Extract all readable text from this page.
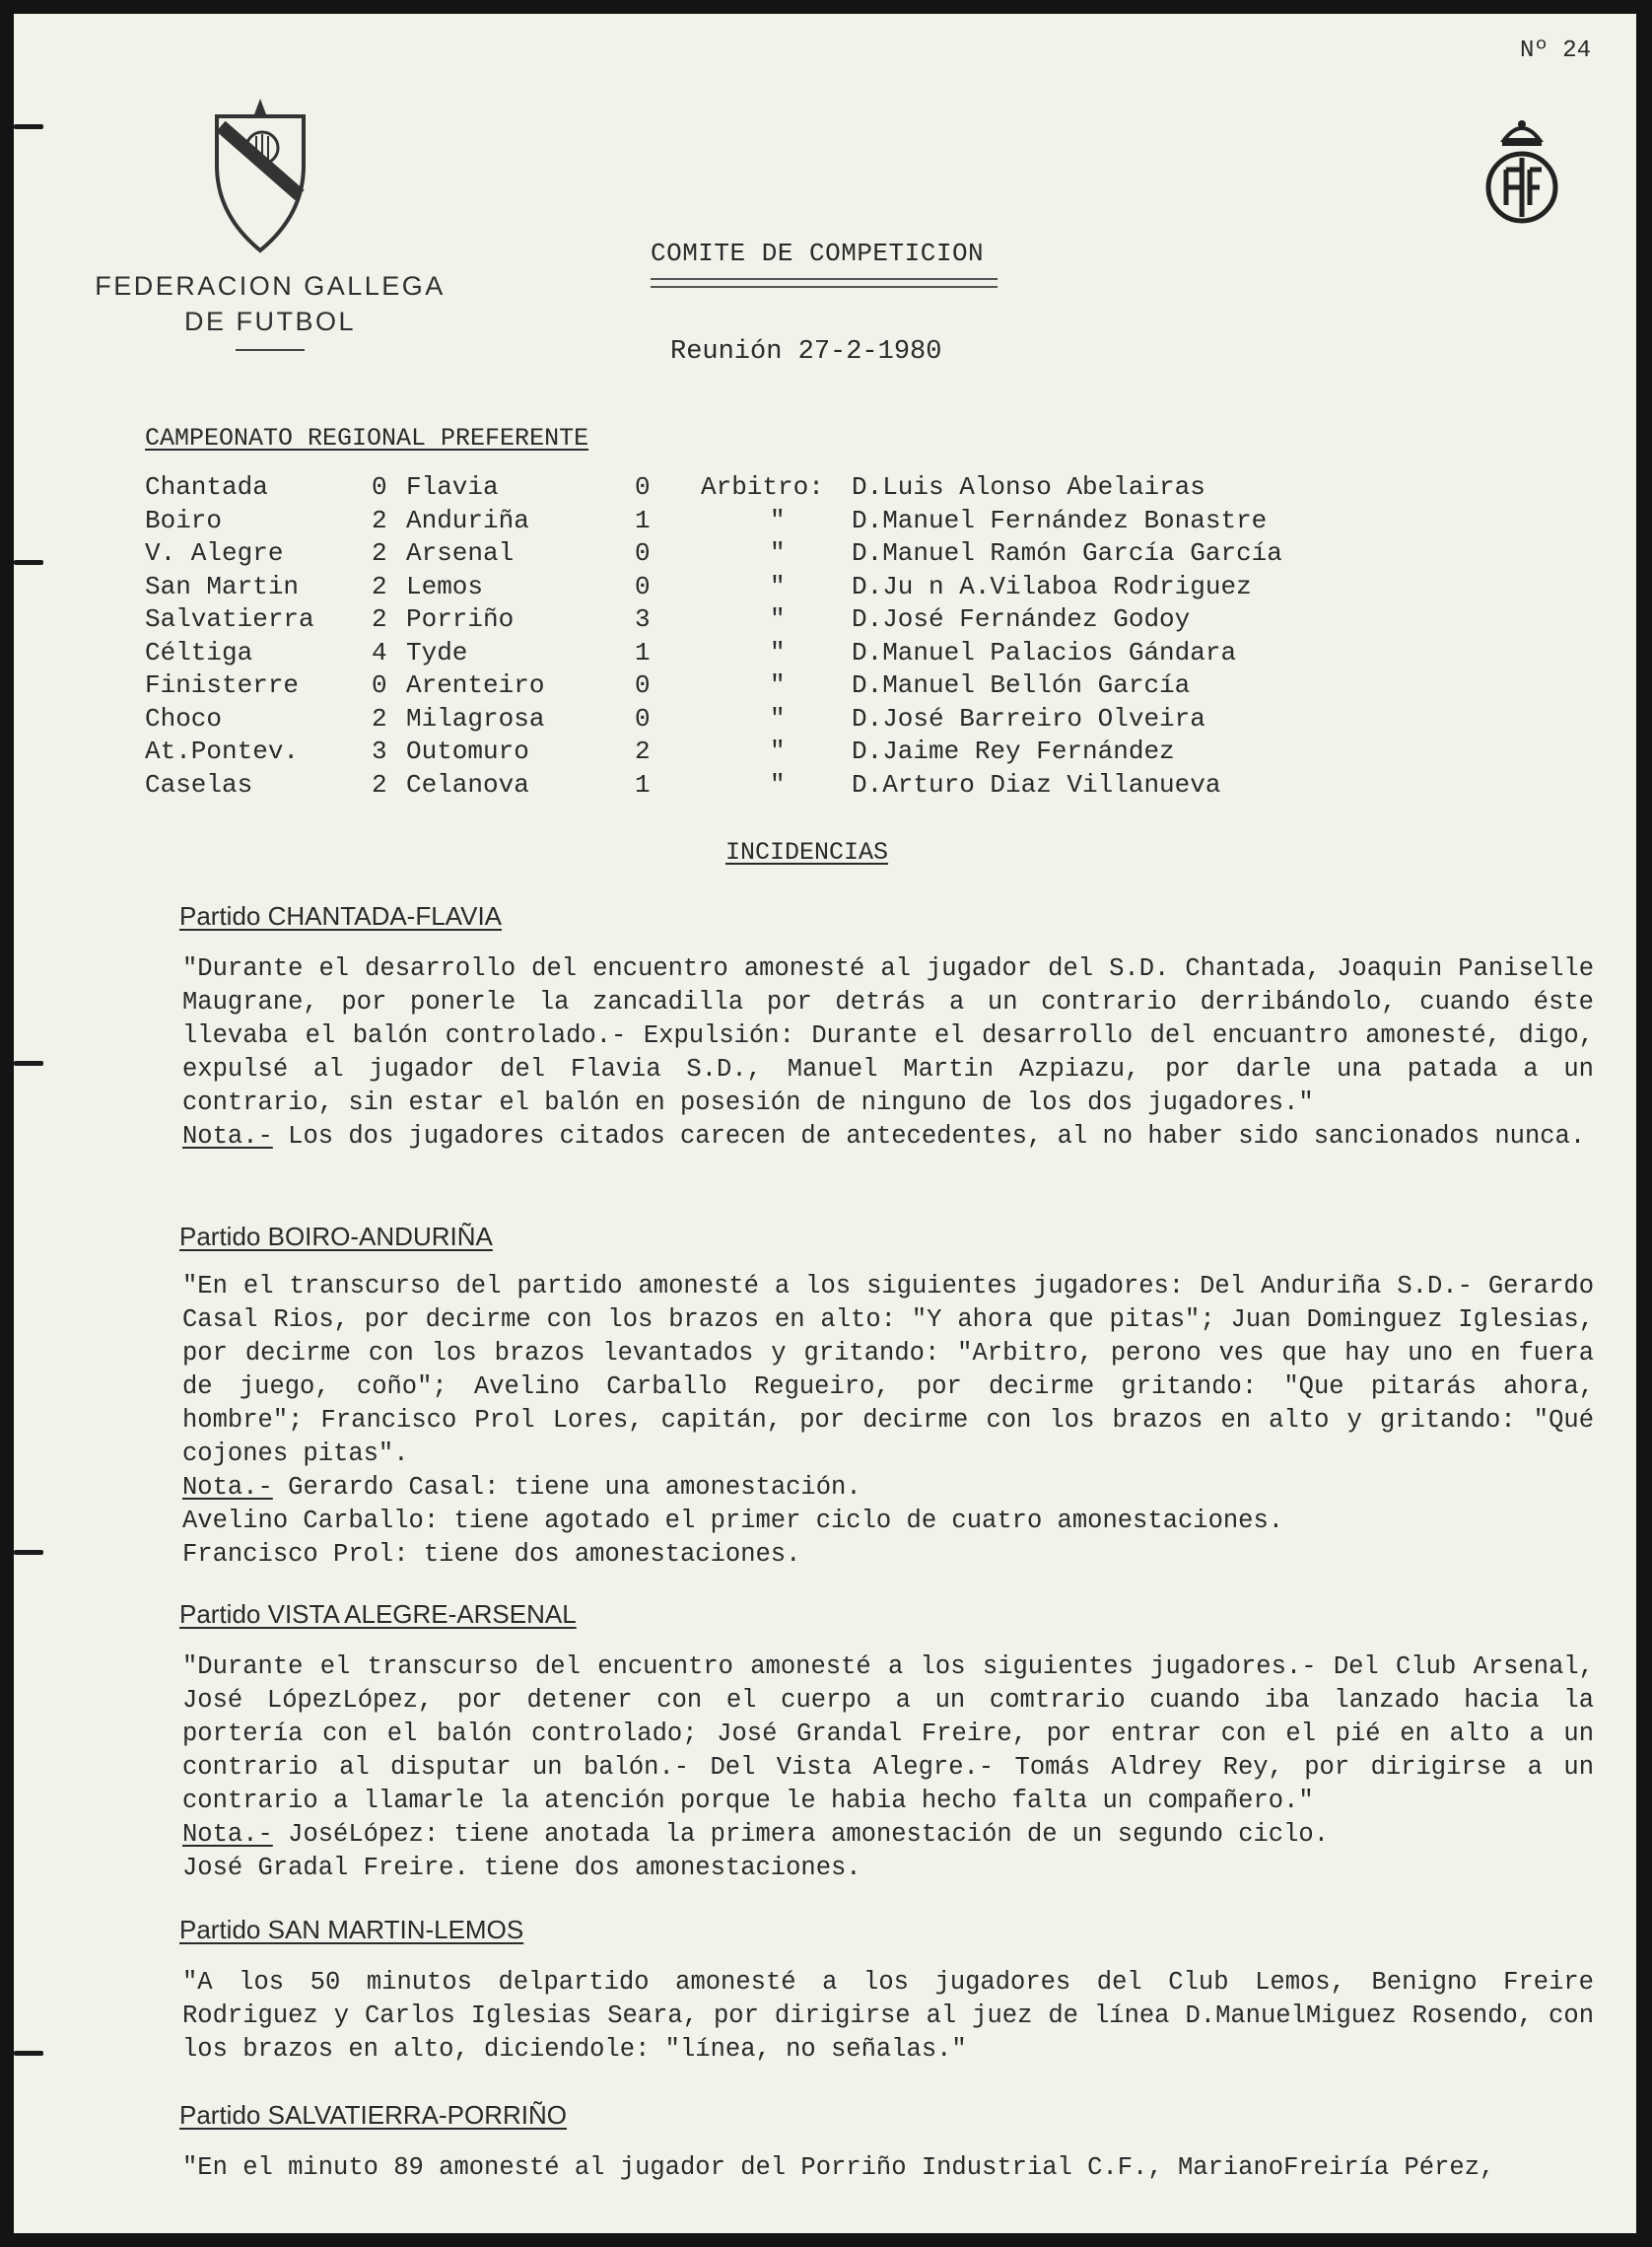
Nº 24
FEDERACION GALLEGA
DE FUTBOL
COMITE DE COMPETICION
Reunión 27-2-1980
CAMPEONATO REGIONAL PREFERENTE
Chantada	0 Flavia	0 Arbitro: D.Luis Alonso Abelairas
Boiro	2 Anduriña	1	"	D.Manuel Fernández Bonastre
V. Alegre	2 Arsenal	0	"	D.Manuel Ramón García García
San Martin	2 Lemos	0	"	D.Ju n A.Vilaboa Rodriguez
Salvatierra 2 Porriño	3	"	D.José Fernández Godoy
Céltiga	4 Tyde	1	"	D.Manuel Palacios Gándara
Finisterre	0 Arenteiro	0	"	D.Manuel Bellón García
Choco	2 Milagrosa	0	"	D.José Barreiro Olveira
At.Pontev.	3 Outomuro	2	"	D.Jaime Rey Fernández
Caselas	2 Celanova	1	"	D.Arturo Diaz Villanueva
INCIDENCIAS
Partido CHANTADA-FLAVIA

"Durante el desarrollo del encuentro amonesté al jugador del S.D. Chantada, Joaquin Paniselle Maugrane, por ponerle la zancadilla por detrás a un contrario derribándolo, cuando éste llevaba el balón controlado.- Expulsión: Durante el desarrollo del encuantro amonesté, digo, expulsé al jugador del Flavia S.D., Manuel Martin Azpiazu, por darle una patada a un contrario, sin estar el balón en posesión de ninguno de los dos jugadores."

Nota.- Los dos jugadores citados carecen de antecedentes, al no haber sido sancionados nunca.

Partido BOIRO-ANDURIÑA

"En el transcurso del partido amonesté a los siguientes jugadores: Del Anduriña S.D.- Gerardo Casal Rios, por decirme con los brazos en alto: "Y ahora que pitas"; Juan Dominguez Iglesias, por decirme con los brazos levantados y gritando: "Arbitro, perono ves que hay uno en fuera de juego, coño"; Avelino Carballo Regueiro, por decirme gritando: "Que pitarás ahora, hombre"; Francisco Prol Lores, capitán, por decirme con los brazos en alto y gritando: "Qué cojones pitas".

Nota.- Gerardo Casal: tiene una amonestación.

Avelino Carballo: tiene agotado el primer ciclo de cuatro amonestaciones.

Francisco Prol: tiene dos amonestaciones.

Partido VISTA ALEGRE-ARSENAL

"Durante el transcurso del encuentro amonesté a los siguientes jugadores.- Del Club Arsenal, José LópezLópez, por detener con el cuerpo a un comtrario cuando iba lanzado hacia la portería con el balón controlado; José Grandal Freire, por entrar con el pié en alto a un contrario al disputar un balón.- Del Vista Alegre.- Tomás Aldrey Rey, por dirigirse a un contrario a llamarle la atención porque le habia hecho falta un compañero."

Nota.- JoséLópez: tiene anotada la primera amonestación de un segundo ciclo.

José Gradal Freire. tiene dos amonestaciones.

Partido SAN MARTIN-LEMOS

"A los 50 minutos delpartido amonesté a los jugadores del Club Lemos, Benigno Freire Rodriguez y Carlos Iglesias Seara, por dirigirse al juez de línea D.ManuelMiguez Rosendo, con los brazos en alto, diciendole: "línea, no señalas."

Partido SALVATIERRA-PORRIÑO

"En el minuto 89 amonesté al jugador del Porriño Industrial C.F., MarianoFreiría Pérez,
